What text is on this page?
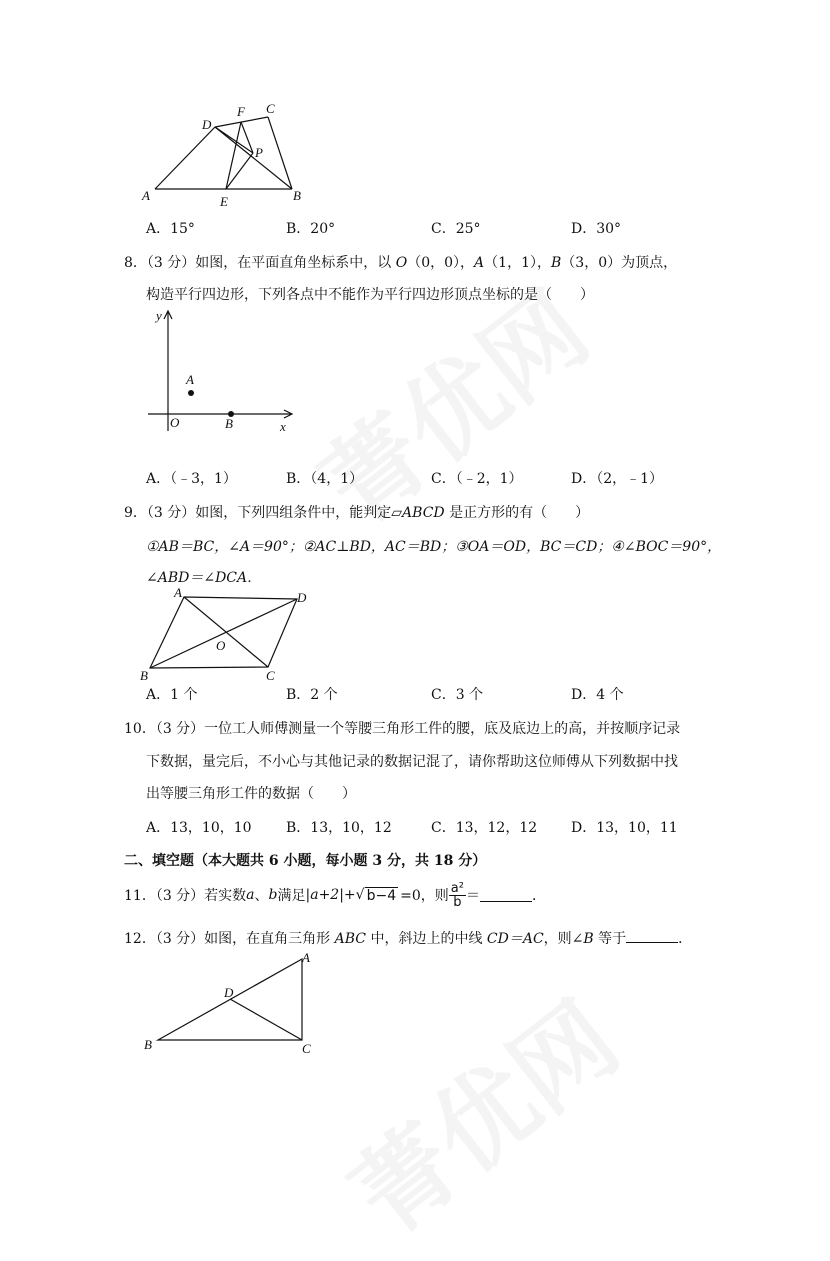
A	B
C
D
E
F
P
A．15°	B．20°	C．25°	D．30°
8．（3 分）如图，在平面直角坐标系中，以 O（0，0），A（1，1），B（3，0）为顶点，
构造平行四边形，下列各点中不能作为平行四边形顶点坐标的是（　　）
y
x
O
A
B
A．（﹣3，1）	B．（4，1）	C．（﹣2，1）	D．（2，﹣1）
9．（3 分）如图，下列四组条件中，能判定▱ABCD 是正方形的有（　　）
①AB＝BC，∠A＝90°；②AC⊥BD，AC＝BD；③OA＝OD，BC＝CD；④∠BOC＝90°，
∠ABD＝∠DCA．
A
B	C
D
O
A．1 个	B．2 个	C．3 个	D．4 个
10．（3 分）一位工人师傅测量一个等腰三角形工件的腰，底及底边上的高，并按顺序记录
下数据，量完后，不小心与其他记录的数据记混了，请你帮助这位师傅从下列数据中找
出等腰三角形工件的数据（　　）
A．13，10，10 B．13，10，12	C．13，12，12 D．13，10，11
二、填空题（本大题共 6 小题，每小题 3 分，共 18 分）
11．（3 分）若实数 a 、 b 满足 |a+2| + √ b−4 =0，则 $\frac{\text{a²}}{b}$ ＝	．
12．（3 分）如图，在直角三角形 ABC 中，斜边上的中线 CD＝AC，则∠B 等于	．
A
B	C
D
